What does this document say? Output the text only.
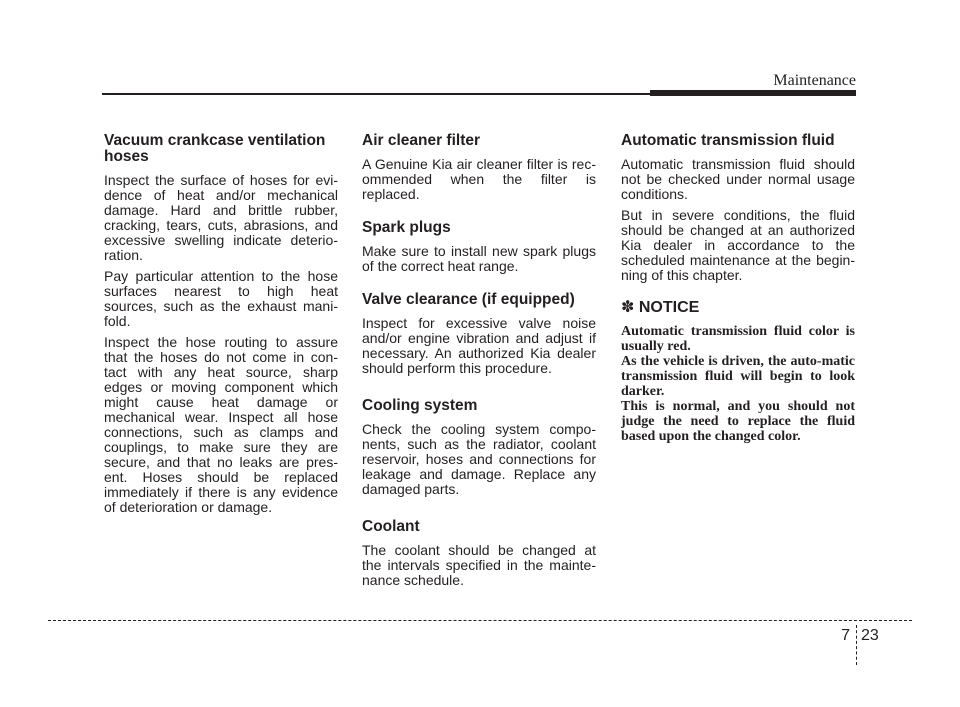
Maintenance
Vacuum crankcase ventilation hoses

Inspect the surface of hoses for evi-dence of heat and/or mechanical damage. Hard and brittle rubber, cracking, tears, cuts, abrasions, and excessive swelling indicate deterio-ration.

Pay particular attention to the hose surfaces nearest to high heat sources, such as the exhaust mani-fold.

Inspect the hose routing to assure that the hoses do not come in con-tact with any heat source, sharp edges or moving component which might cause heat damage or mechanical wear. Inspect all hose connections, such as clamps and couplings, to make sure they are secure, and that no leaks are pres-ent. Hoses should be replaced immediately if there is any evidence of deterioration or damage.

Air cleaner filter

A Genuine Kia air cleaner filter is rec-ommended when the filter is replaced.

Spark plugs

Make sure to install new spark plugs of the correct heat range.

Valve clearance (if equipped)

Inspect for excessive valve noise and/or engine vibration and adjust if necessary. An authorized Kia dealer should perform this procedure.

Cooling system

Check the cooling system compo-nents, such as the radiator, coolant reservoir, hoses and connections for leakage and damage. Replace any damaged parts.

Coolant

The coolant should be changed at the intervals specified in the mainte-nance schedule.

Automatic transmission fluid

Automatic transmission fluid should not be checked under normal usage conditions.

But in severe conditions, the fluid should be changed at an authorized Kia dealer in accordance to the scheduled maintenance at the begin-ning of this chapter.

✽ NOTICE
Automatic transmission fluid color is usually red.
As the vehicle is driven, the auto-matic transmission fluid will begin to look darker.
This is normal, and you should not judge the need to replace the fluid based upon the changed color.
7 23
